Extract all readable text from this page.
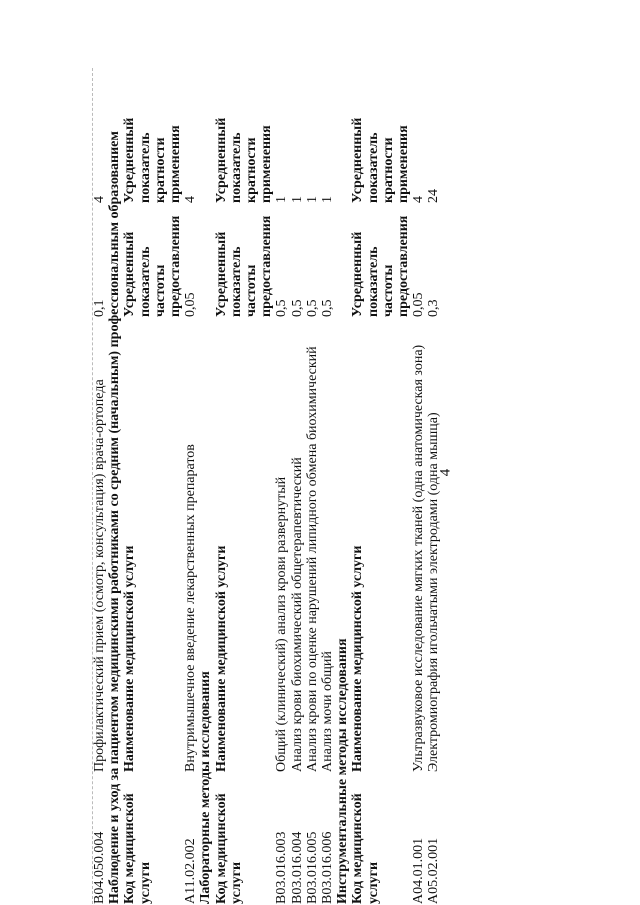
4
B04.050.004
Профилактический прием (осмотр, консультация) врача-ортопеда
0,1
4 Наблюдение и уход за пациентом медицинскими работниками со средним (начальным) профессиональным образованием Код медицинской услуги
Наименование медицинской услуги
Усредненный показатель частоты предоставления
Усредненный показатель кратности применения
A11.02.002
Внутримышечное введение лекарственных препаратов
0,05
4
Лабораторные методы исследования Код медицинской услуги
Наименование медицинской услуги
Усредненный показатель частоты предоставления
Усредненный показатель кратности применения
B03.016.003
Общий (клинический) анализ крови развернутый
0,5
1
B03.016.004
Анализ крови биохимический общетерапевтический
0,5
1
B03.016.005
Анализ крови по оценке нарушений липидного обмена биохимический
0,5
1
B03.016.006
Анализ мочи общий
0,5
1
Инструментальные методы исследования Код медицинской услуги
Наименование медицинской услуги
Усредненный показатель частоты предоставления
Усредненный показатель кратности применения
A04.01.001
Ультразвуковое исследование мягких тканей (одна анатомическая зона)
0,05
4
A05.02.001
Электромиография игольчатыми электродами (одна мышца)
0,3
24
